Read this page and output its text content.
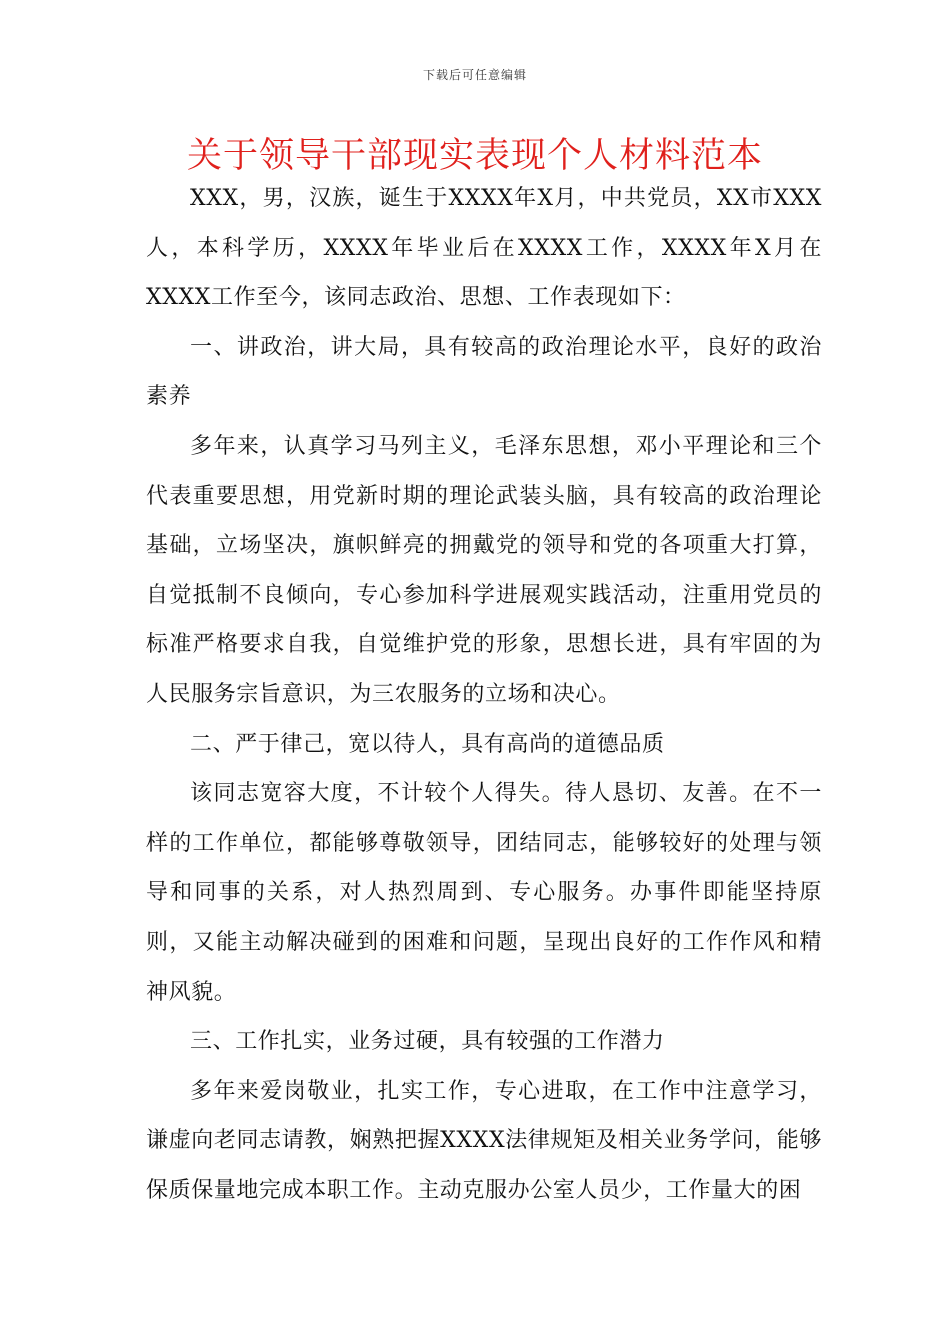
下载后可任意编辑
关于领导干部现实表现个人材料范本

XXX，男，汉族，诞生于XXXX年X月，中共党员，XX市XXX人，本科学历，XXXX年毕业后在XXXX工作，XXXX年X月在XXXX工作至今，该同志政治、思想、工作表现如下：

一、讲政治，讲大局，具有较高的政治理论水平，良好的政治素养

多年来，认真学习马列主义，毛泽东思想，邓小平理论和三个代表重要思想，用党新时期的理论武装头脑，具有较高的政治理论基础，立场坚决，旗帜鲜亮的拥戴党的领导和党的各项重大打算，自觉抵制不良倾向，专心参加科学进展观实践活动，注重用党员的标准严格要求自我，自觉维护党的形象，思想长进，具有牢固的为人民服务宗旨意识，为三农服务的立场和决心。

二、严于律己，宽以待人，具有高尚的道德品质

该同志宽容大度，不计较个人得失。待人恳切、友善。在不一样的工作单位，都能够尊敬领导，团结同志，能够较好的处理与领导和同事的关系，对人热烈周到、专心服务。办事件即能坚持原则，又能主动解决碰到的困难和问题，呈现出良好的工作作风和精神风貌。

三、工作扎实，业务过硬，具有较强的工作潜力

多年来爱岗敬业，扎实工作，专心进取，在工作中注意学习，谦虚向老同志请教，娴熟把握XXXX法律规矩及相关业务学问，能够保质保量地完成本职工作。主动克服办公室人员少，工作量大的困
